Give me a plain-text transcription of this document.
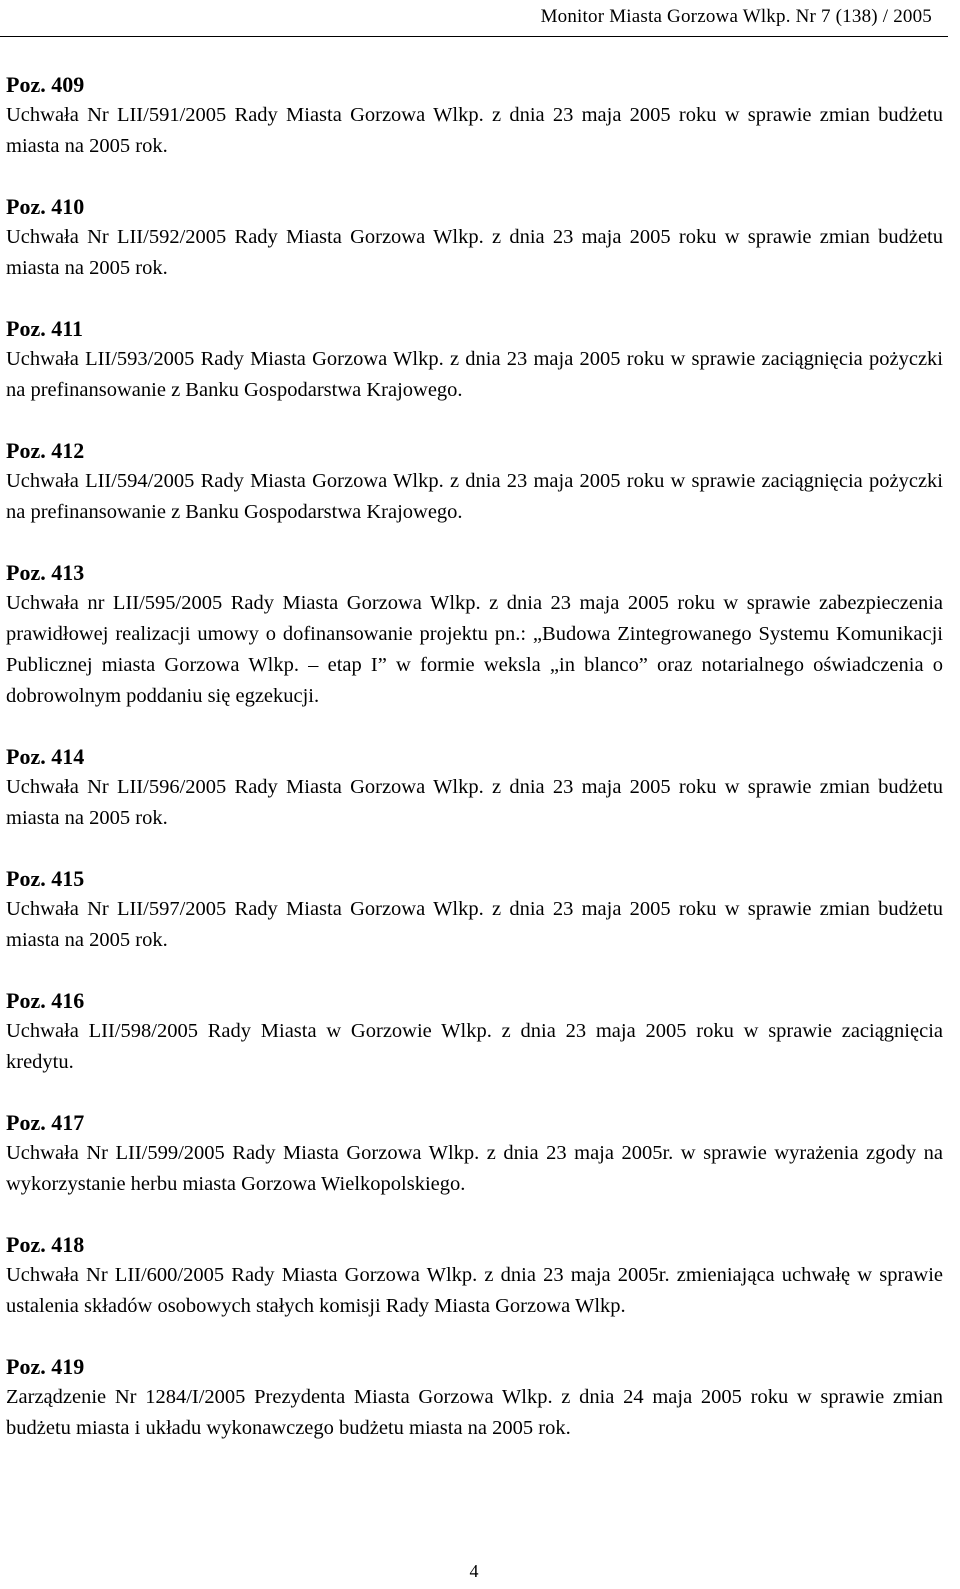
Monitor Miasta Gorzowa Wlkp. Nr 7 (138) / 2005
Poz. 409
Uchwała Nr LII/591/2005 Rady Miasta Gorzowa Wlkp. z dnia 23 maja 2005 roku w sprawie zmian budżetu miasta na 2005 rok.
Poz. 410
Uchwała Nr LII/592/2005 Rady Miasta Gorzowa Wlkp. z dnia 23 maja 2005 roku w sprawie zmian budżetu miasta na 2005 rok.
Poz. 411
Uchwała LII/593/2005 Rady Miasta Gorzowa Wlkp. z dnia 23 maja 2005 roku w sprawie zaciągnięcia pożyczki na prefinansowanie z Banku Gospodarstwa Krajowego.
Poz. 412
Uchwała LII/594/2005 Rady Miasta Gorzowa Wlkp. z dnia 23 maja 2005 roku w sprawie zaciągnięcia pożyczki na prefinansowanie z Banku Gospodarstwa Krajowego.
Poz. 413
Uchwała nr LII/595/2005 Rady Miasta Gorzowa Wlkp. z dnia 23 maja 2005 roku w sprawie zabezpieczenia prawidłowej realizacji umowy o dofinansowanie projektu pn.: „Budowa Zintegrowanego Systemu Komunikacji Publicznej miasta Gorzowa Wlkp. – etap I” w formie weksla „in blanco” oraz notarialnego oświadczenia o dobrowolnym poddaniu się egzekucji.
Poz. 414
Uchwała Nr LII/596/2005 Rady Miasta Gorzowa Wlkp. z dnia 23 maja 2005 roku w sprawie zmian budżetu miasta na 2005 rok.
Poz. 415
Uchwała Nr LII/597/2005 Rady Miasta Gorzowa Wlkp. z dnia 23 maja 2005 roku w sprawie zmian budżetu miasta na 2005 rok.
Poz. 416
Uchwała LII/598/2005 Rady Miasta w Gorzowie Wlkp. z dnia 23 maja 2005 roku w sprawie zaciągnięcia kredytu.
Poz. 417
Uchwała Nr LII/599/2005 Rady Miasta Gorzowa Wlkp. z dnia 23 maja 2005r. w sprawie wyrażenia zgody na wykorzystanie herbu miasta Gorzowa Wielkopolskiego.
Poz. 418
Uchwała Nr LII/600/2005 Rady Miasta Gorzowa Wlkp. z dnia 23 maja 2005r. zmieniająca uchwałę w sprawie ustalenia składów osobowych stałych komisji Rady Miasta Gorzowa Wlkp.
Poz. 419
Zarządzenie Nr 1284/I/2005 Prezydenta Miasta Gorzowa Wlkp. z dnia 24 maja 2005 roku w sprawie zmian budżetu miasta i układu wykonawczego budżetu miasta na 2005 rok.
4
